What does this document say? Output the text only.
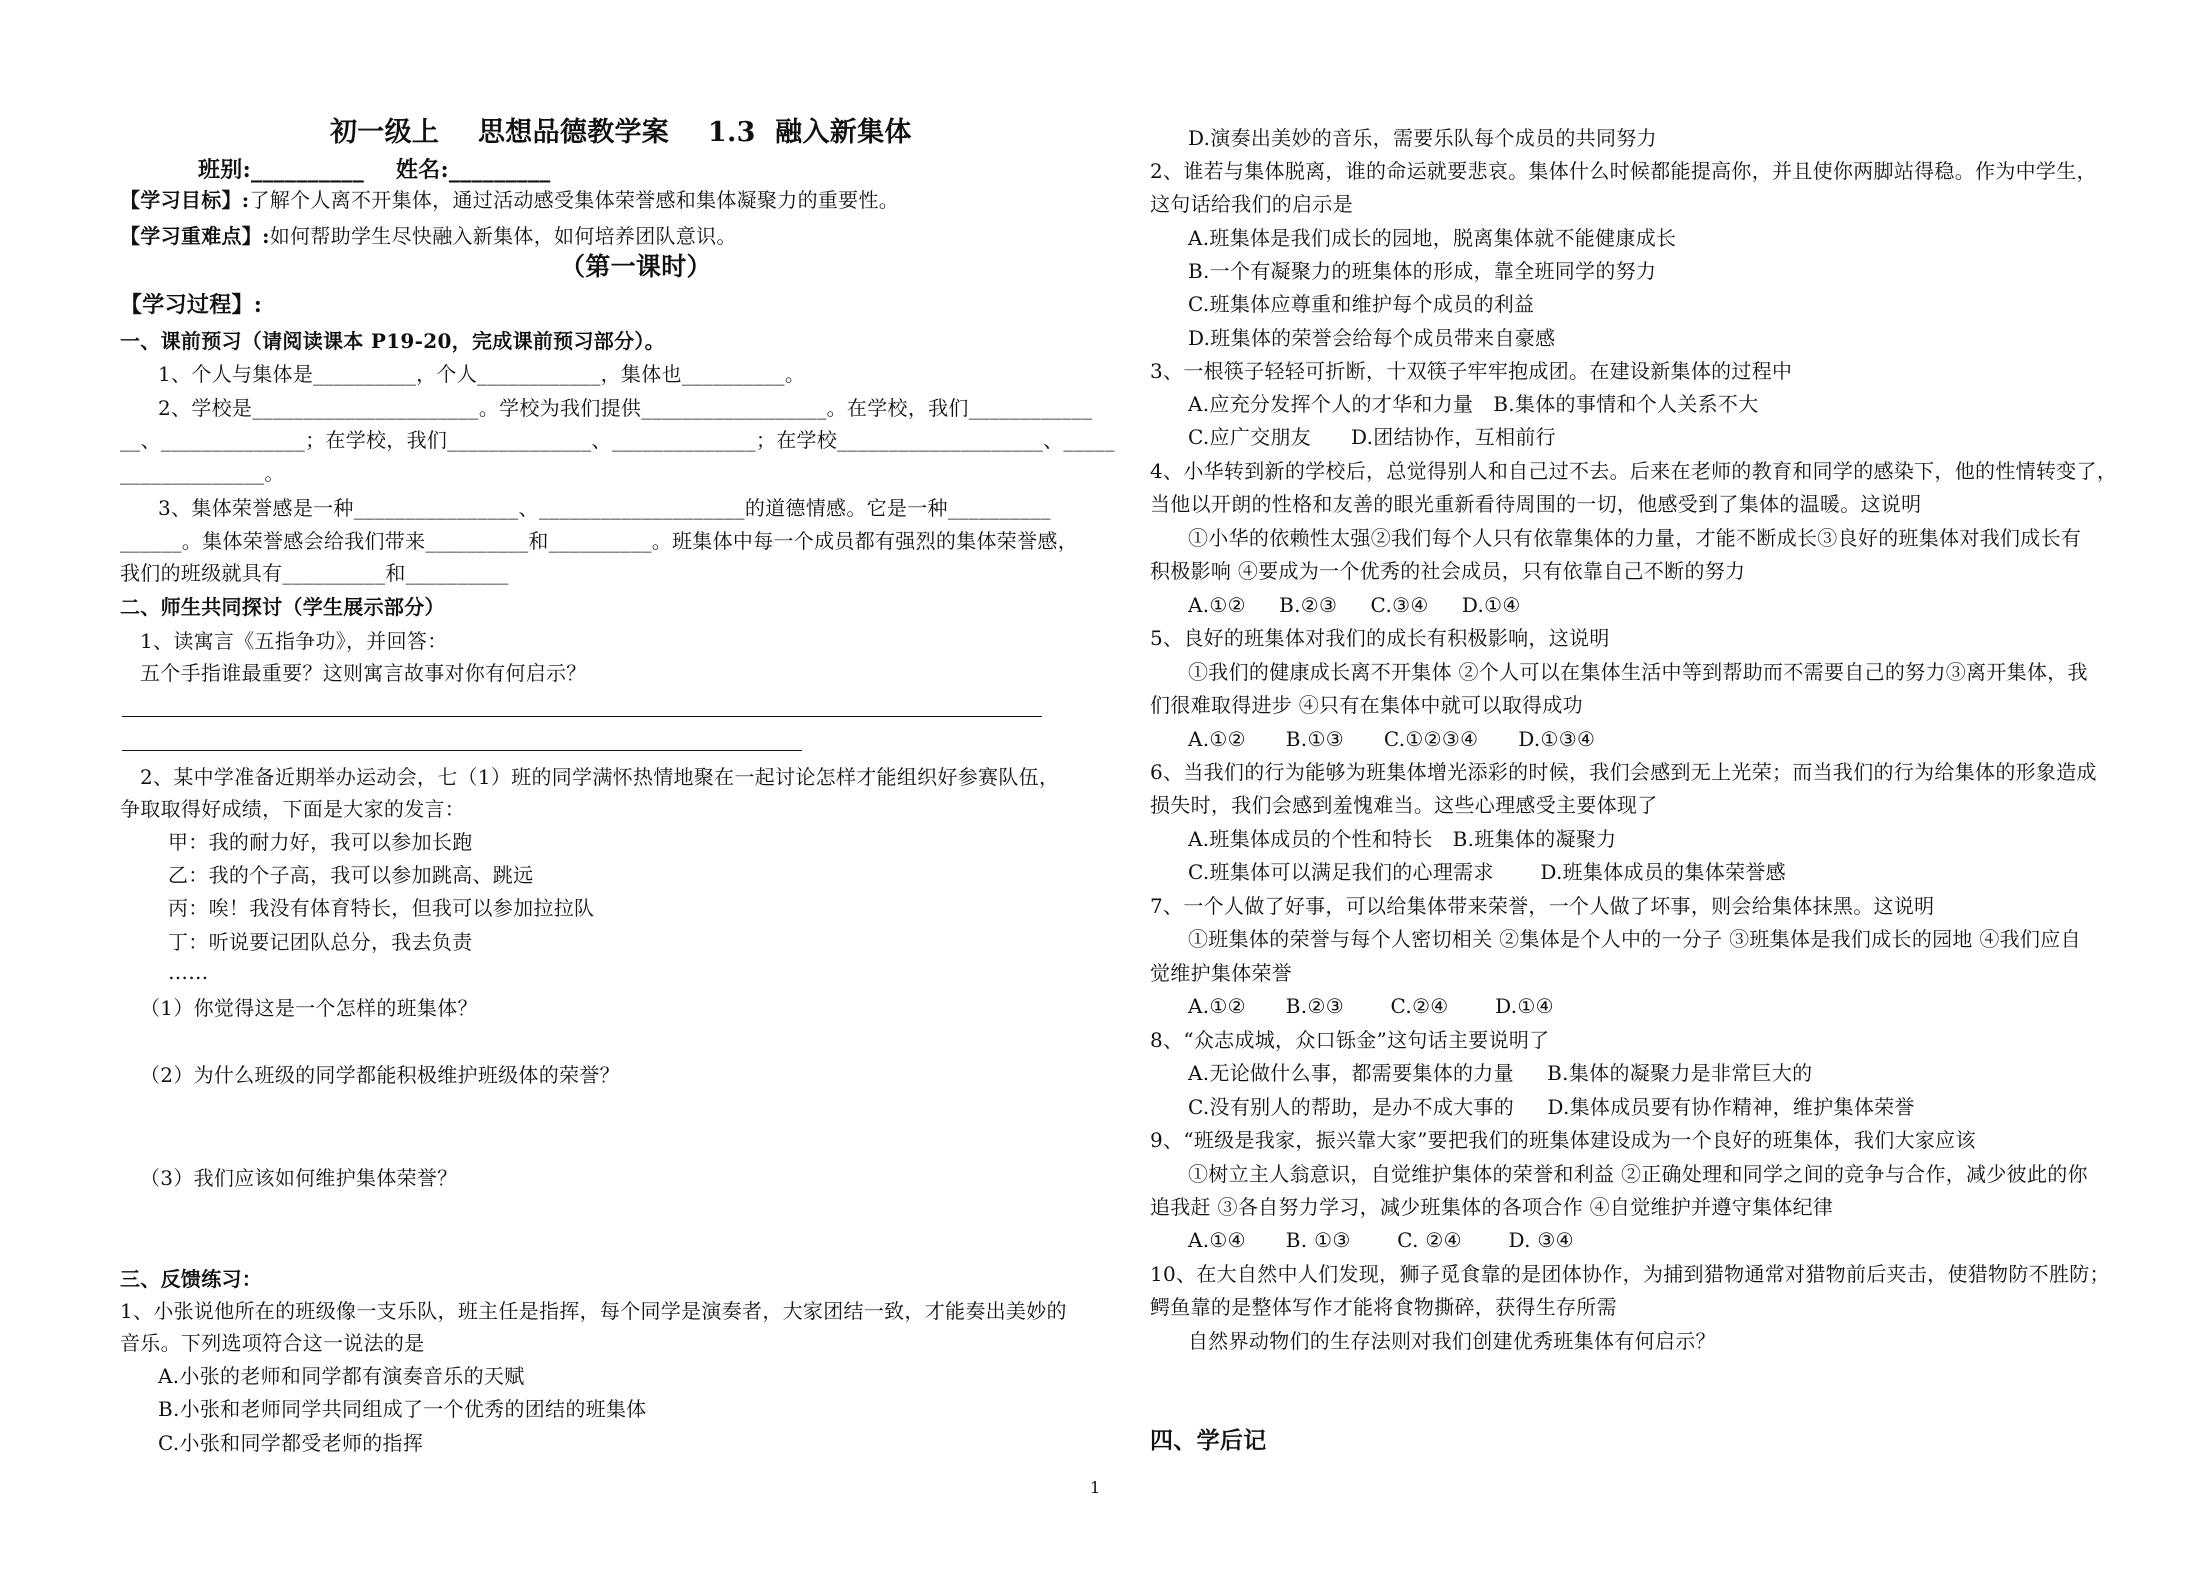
初一级上    思想品德教学案    1.3  融入新集体
班别:__________    姓名:_________
【学习目标】:了解个人离不开集体，通过活动感受集体荣誉感和集体凝聚力的重要性。
【学习重难点】:如何帮助学生尽快融入新集体，如何培养团队意识。
（第一课时）
【学习过程】:
一、课前预习（请阅读课本 P19-20，完成课前预习部分）。
1、个人与集体是__________，个人____________，集体也__________。
2、学校是______________________。学校为我们提供__________________。在学校，我们____________
__、______________；在学校，我们______________、______________；在学校____________________、_____
______________。
3、集体荣誉感是一种________________、____________________的道德情感。它是一种__________
______。集体荣誉感会给我们带来__________和__________。班集体中每一个成员都有强烈的集体荣誉感，
我们的班级就具有__________和__________
二、师生共同探讨（学生展示部分）
1、读寓言《五指争功》，并回答：
五个手指谁最重要？这则寓言故事对你有何启示？
2、某中学准备近期举办运动会，七（1）班的同学满怀热情地聚在一起讨论怎样才能组织好参赛队伍，
争取取得好成绩，下面是大家的发言：
甲：我的耐力好，我可以参加长跑
乙：我的个子高，我可以参加跳高、跳远
丙：唉！我没有体育特长，但我可以参加拉拉队
丁：听说要记团队总分，我去负责
……
（1）你觉得这是一个怎样的班集体？
（2）为什么班级的同学都能积极维护班级体的荣誉？
（3）我们应该如何维护集体荣誉？
三、反馈练习：
1、小张说他所在的班级像一支乐队，班主任是指挥，每个同学是演奏者，大家团结一致，才能奏出美妙的
音乐。下列选项符合这一说法的是
A.小张的老师和同学都有演奏音乐的天赋
B.小张和老师同学共同组成了一个优秀的团结的班集体
C.小张和同学都受老师的指挥
D.演奏出美妙的音乐，需要乐队每个成员的共同努力
2、谁若与集体脱离，谁的命运就要悲哀。集体什么时候都能提高你，并且使你两脚站得稳。作为中学生，
这句话给我们的启示是
A.班集体是我们成长的园地，脱离集体就不能健康成长
B.一个有凝聚力的班集体的形成，靠全班同学的努力
C.班集体应尊重和维护每个成员的利益
D.班集体的荣誉会给每个成员带来自豪感
3、一根筷子轻轻可折断，十双筷子牢牢抱成团。在建设新集体的过程中
A.应充分发挥个人的才华和力量   B.集体的事情和个人关系不大
C.应广交朋友      D.团结协作，互相前行
4、小华转到新的学校后，总觉得别人和自己过不去。后来在老师的教育和同学的感染下，他的性情转变了，
当他以开朗的性格和友善的眼光重新看待周围的一切，他感受到了集体的温暖。这说明
①小华的依赖性太强②我们每个人只有依靠集体的力量，才能不断成长③良好的班集体对我们成长有
积极影响 ④要成为一个优秀的社会成员，只有依靠自己不断的努力
A.①②     B.②③     C.③④     D.①④
5、良好的班集体对我们的成长有积极影响，这说明
①我们的健康成长离不开集体 ②个人可以在集体生活中等到帮助而不需要自己的努力③离开集体，我
们很难取得进步 ④只有在集体中就可以取得成功
A.①②      B.①③      C.①②③④      D.①③④
6、当我们的行为能够为班集体增光添彩的时候，我们会感到无上光荣；而当我们的行为给集体的形象造成
损失时，我们会感到羞愧难当。这些心理感受主要体现了
A.班集体成员的个性和特长   B.班集体的凝聚力
C.班集体可以满足我们的心理需求       D.班集体成员的集体荣誉感
7、一个人做了好事，可以给集体带来荣誉，一个人做了坏事，则会给集体抹黑。这说明
①班集体的荣誉与每个人密切相关 ②集体是个人中的一分子 ③班集体是我们成长的园地 ④我们应自
觉维护集体荣誉
A.①②      B.②③       C.②④       D.①④
8、“众志成城，众口铄金”这句话主要说明了
A.无论做什么事，都需要集体的力量     B.集体的凝聚力是非常巨大的
C.没有别人的帮助，是办不成大事的     D.集体成员要有协作精神，维护集体荣誉
9、“班级是我家，振兴靠大家”要把我们的班集体建设成为一个良好的班集体，我们大家应该
①树立主人翁意识，自觉维护集体的荣誉和利益 ②正确处理和同学之间的竞争与合作，减少彼此的你
追我赶 ③各自努力学习，减少班集体的各项合作 ④自觉维护并遵守集体纪律
A.①④      B. ①③       C. ②④       D. ③④
10、在大自然中人们发现，狮子觅食靠的是团体协作，为捕到猎物通常对猎物前后夹击，使猎物防不胜防；
鳄鱼靠的是整体写作才能将食物撕碎，获得生存所需
自然界动物们的生存法则对我们创建优秀班集体有何启示？
四、学后记
1
